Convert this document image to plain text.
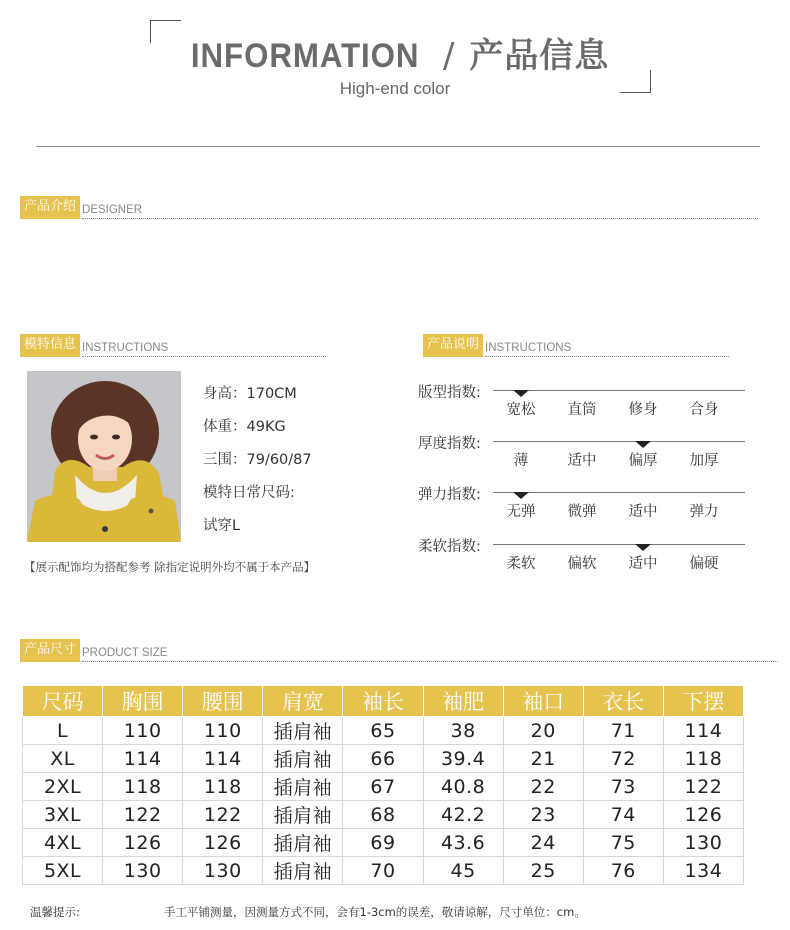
INFORMATION / 产品信息
High-end color
产品介绍 DESIGNER
模特信息 INSTRUCTIONS
身高：170CM
体重：49KG
三围：79/60/87
模特日常尺码:
试穿L
【展示配饰均为搭配参考 除指定说明外均不属于本产品】
产品说明 INSTRUCTIONS
版型指数:
宽松	直筒	修身	合身
厚度指数:
薄	适中	偏厚	加厚
弹力指数:
无弹	微弹	适中	弹力
柔软指数:
柔软	偏软	适中	偏硬
产品尺寸 PRODUCT SIZE
尺码	胸围	腰围	肩宽	袖长	袖肥	袖口	衣长	下摆
L	110	110	插肩袖	65	38	20	71	114
XL	114	114	插肩袖	66	39.4	21	72	118
2XL	118	118	插肩袖	67	40.8	22	73	122
3XL	122	122	插肩袖	68	42.2	23	74	126
4XL	126	126	插肩袖	69	43.6	24	75	130
5XL	130	130	插肩袖	70	45	25	76	134
温馨提示:	手工平铺测量，因测量方式不同，会有1-3cm的误差，敬请谅解，尺寸单位：cm。
